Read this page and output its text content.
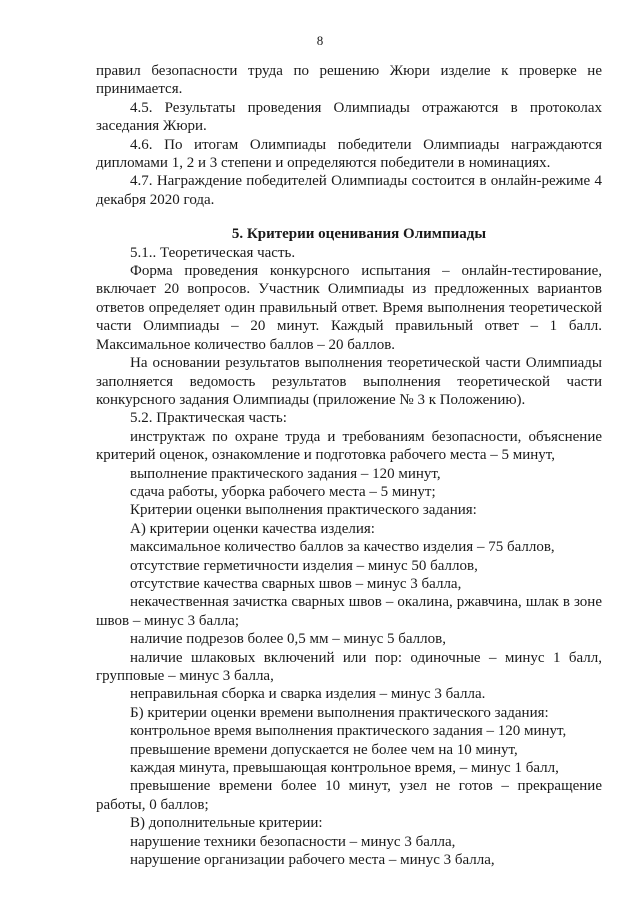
8

правил безопасности труда по решению Жюри изделие к проверке не принимается.

4.5. Результаты проведения Олимпиады отражаются в протоколах заседания Жюри.

4.6. По итогам Олимпиады победители Олимпиады награждаются дипломами 1, 2 и 3 степени и определяются победители в номинациях.

4.7. Награждение победителей Олимпиады состоится в онлайн-режиме 4 декабря 2020 года.

5. Критерии оценивания Олимпиады

5.1.. Теоретическая часть.

Форма проведения конкурсного испытания – онлайн-тестирование, включает 20 вопросов. Участник Олимпиады из предложенных вариантов ответов определяет один правильный ответ. Время выполнения теоретической части Олимпиады – 20 минут. Каждый правильный ответ – 1 балл. Максимальное количество баллов – 20 баллов.

На основании результатов выполнения теоретической части Олимпиады заполняется ведомость результатов выполнения теоретической части конкурсного задания Олимпиады (приложение № 3 к Положению).

5.2. Практическая часть:

инструктаж по охране труда и требованиям безопасности, объяснение критерий оценок, ознакомление и подготовка рабочего места – 5 минут,

выполнение практического задания – 120 минут,

сдача работы, уборка рабочего места – 5 минут;

Критерии оценки выполнения практического задания:

А) критерии оценки качества изделия:

максимальное количество баллов за качество изделия – 75 баллов,

отсутствие герметичности изделия – минус 50 баллов,

отсутствие качества сварных швов – минус 3 балла,

некачественная зачистка сварных швов – окалина, ржавчина, шлак в зоне швов – минус 3 балла;

наличие подрезов более 0,5 мм – минус 5 баллов,

наличие шлаковых включений или пор: одиночные – минус 1 балл, групповые – минус 3 балла,

неправильная сборка и сварка изделия – минус 3 балла.

Б) критерии оценки времени выполнения практического задания:

контрольное время выполнения практического задания – 120 минут,

превышение времени допускается не более чем на 10 минут,

каждая минута, превышающая контрольное время, – минус 1 балл,

превышение времени более 10 минут, узел не готов – прекращение работы, 0 баллов;

В) дополнительные критерии:

нарушение техники безопасности – минус 3 балла,

нарушение организации рабочего места – минус 3 балла,
